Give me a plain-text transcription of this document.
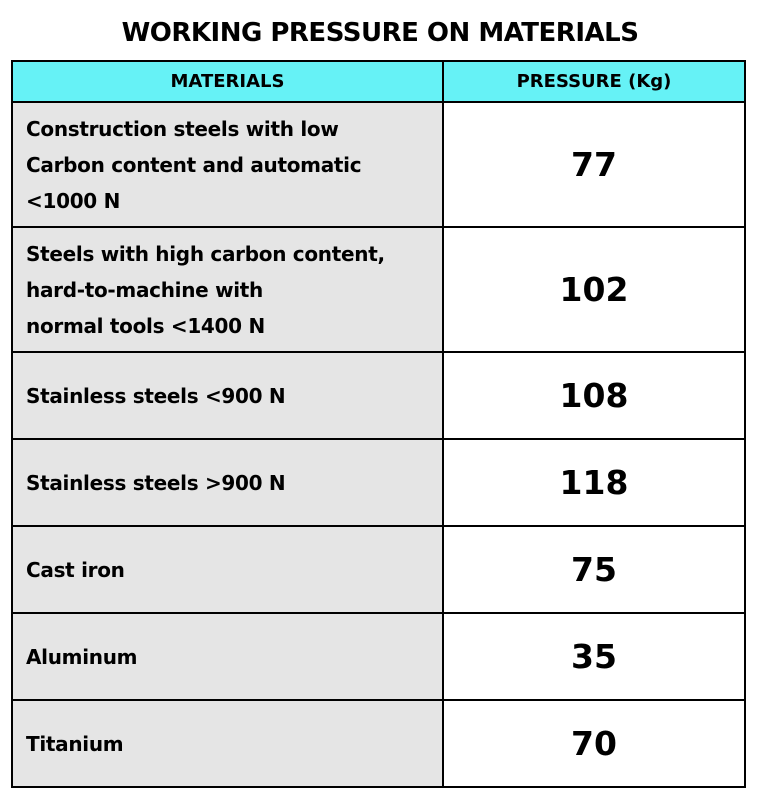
WORKING PRESSURE ON MATERIALS
MATERIALS	PRESSURE (Kg)

Construction steels with low
Carbon content and automatic
<1000 N	77

Steels with high carbon content,
hard-to-machine with
normal tools <1400 N	102

Stainless steels <900 N	108

Stainless steels >900 N	118

Cast iron	75

Aluminum	35

Titanium	70
